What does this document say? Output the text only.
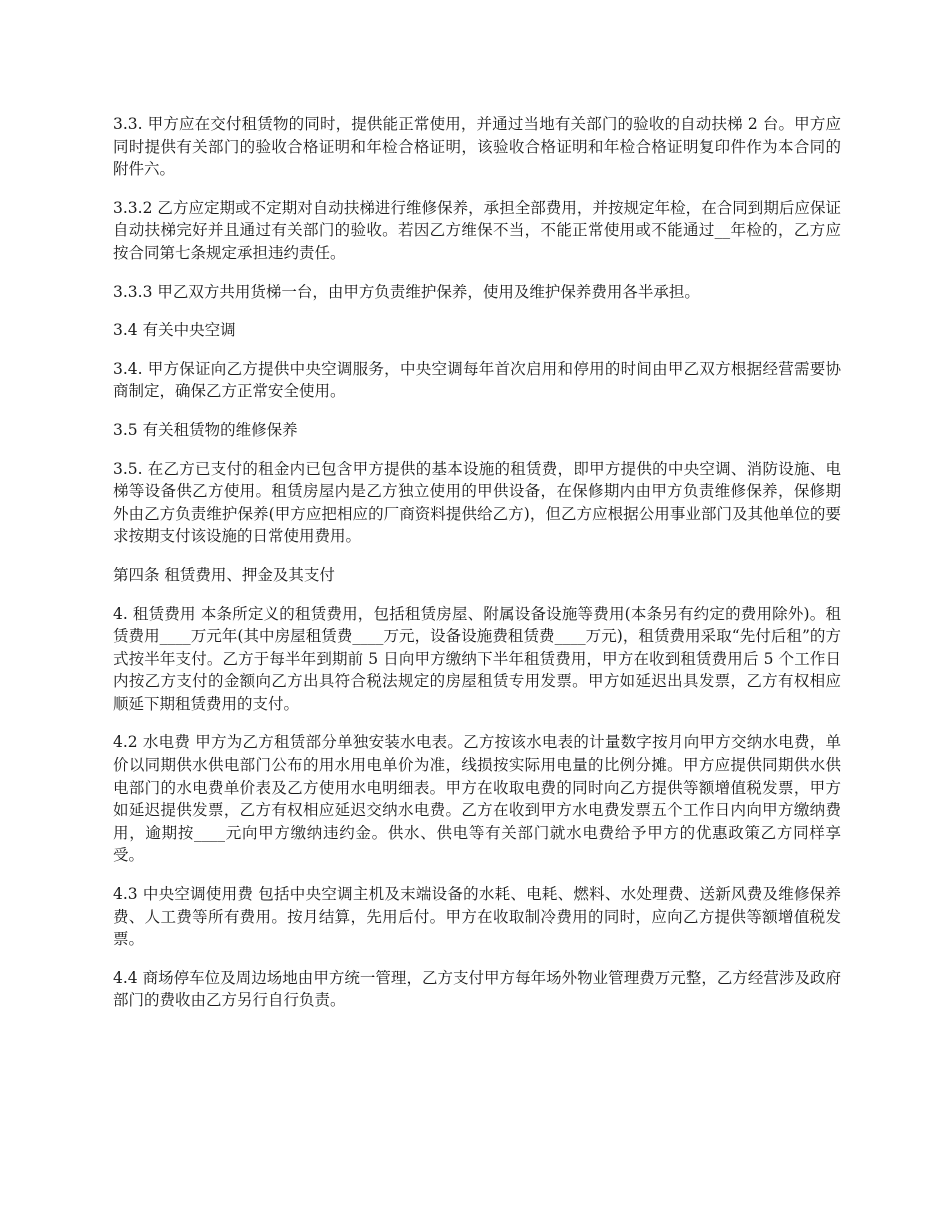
3.3. 甲方应在交付租赁物的同时，提供能正常使用，并通过当地有关部门的验收的自动扶梯 2 台。甲方应同时提供有关部门的验收合格证明和年检合格证明，该验收合格证明和年检合格证明复印件作为本合同的附件六。

3.3.2 乙方应定期或不定期对自动扶梯进行维修保养，承担全部费用，并按规定年检，在合同到期后应保证自动扶梯完好并且通过有关部门的验收。若因乙方维保不当，不能正常使用或不能通过__年检的，乙方应按合同第七条规定承担违约责任。

3.3.3 甲乙双方共用货梯一台，由甲方负责维护保养，使用及维护保养费用各半承担。

3.4 有关中央空调

3.4. 甲方保证向乙方提供中央空调服务，中央空调每年首次启用和停用的时间由甲乙双方根据经营需要协商制定，确保乙方正常安全使用。

3.5 有关租赁物的维修保养

3.5. 在乙方已支付的租金内已包含甲方提供的基本设施的租赁费，即甲方提供的中央空调、消防设施、电梯等设备供乙方使用。租赁房屋内是乙方独立使用的甲供设备，在保修期内由甲方负责维修保养，保修期外由乙方负责维护保养(甲方应把相应的厂商资料提供给乙方)，但乙方应根据公用事业部门及其他单位的要求按期支付该设施的日常使用费用。

第四条 租赁费用、押金及其支付

4. 租赁费用 本条所定义的租赁费用，包括租赁房屋、附属设备设施等费用(本条另有约定的费用除外)。租赁费用____万元年(其中房屋租赁费____万元，设备设施费租赁费____万元)，租赁费用采取“先付后租”的方式按半年支付。乙方于每半年到期前 5 日向甲方缴纳下半年租赁费用，甲方在收到租赁费用后 5 个工作日内按乙方支付的金额向乙方出具符合税法规定的房屋租赁专用发票。甲方如延迟出具发票，乙方有权相应顺延下期租赁费用的支付。

4.2 水电费 甲方为乙方租赁部分单独安装水电表。乙方按该水电表的计量数字按月向甲方交纳水电费，单价以同期供水供电部门公布的用水用电单价为准，线损按实际用电量的比例分摊。甲方应提供同期供水供电部门的水电费单价表及乙方使用水电明细表。甲方在收取电费的同时向乙方提供等额增值税发票，甲方如延迟提供发票，乙方有权相应延迟交纳水电费。乙方在收到甲方水电费发票五个工作日内向甲方缴纳费用，逾期按____元向甲方缴纳违约金。供水、供电等有关部门就水电费给予甲方的优惠政策乙方同样享受。

4.3 中央空调使用费 包括中央空调主机及末端设备的水耗、电耗、燃料、水处理费、送新风费及维修保养费、人工费等所有费用。按月结算，先用后付。甲方在收取制冷费用的同时，应向乙方提供等额增值税发票。

4.4 商场停车位及周边场地由甲方统一管理，乙方支付甲方每年场外物业管理费万元整，乙方经营涉及政府部门的费收由乙方另行自行负责。
